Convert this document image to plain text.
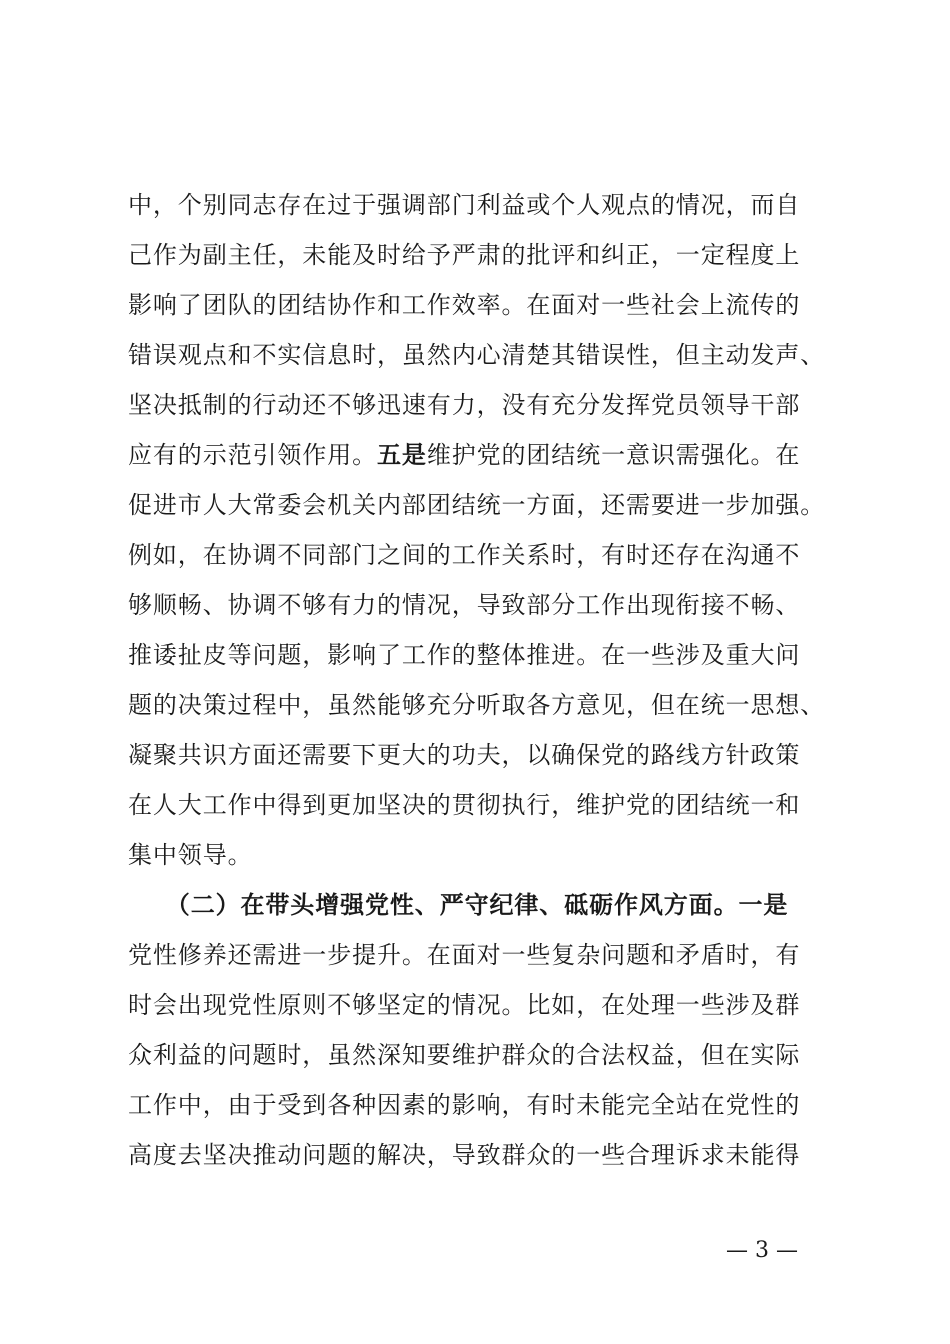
中，个别同志存在过于强调部门利益或个人观点的情况，而自
己作为副主任，未能及时给予严肃的批评和纠正，一定程度上
影响了团队的团结协作和工作效率。在面对一些社会上流传的
错误观点和不实信息时，虽然内心清楚其错误性，但主动发声、
坚决抵制的行动还不够迅速有力，没有充分发挥党员领导干部
应有的示范引领作用。五是维护党的团结统一意识需强化。在
促进市人大常委会机关内部团结统一方面，还需要进一步加强。
例如，在协调不同部门之间的工作关系时，有时还存在沟通不
够顺畅、协调不够有力的情况，导致部分工作出现衔接不畅、
推诿扯皮等问题，影响了工作的整体推进。在一些涉及重大问
题的决策过程中，虽然能够充分听取各方意见，但在统一思想、
凝聚共识方面还需要下更大的功夫，以确保党的路线方针政策
在人大工作中得到更加坚决的贯彻执行，维护党的团结统一和
集中领导。
　　（二）在带头增强党性、严守纪律、砥砺作风方面。一是
党性修养还需进一步提升。在面对一些复杂问题和矛盾时，有
时会出现党性原则不够坚定的情况。比如，在处理一些涉及群
众利益的问题时，虽然深知要维护群众的合法权益，但在实际
工作中，由于受到各种因素的影响，有时未能完全站在党性的
高度去坚决推动问题的解决，导致群众的一些合理诉求未能得
— 3 —
